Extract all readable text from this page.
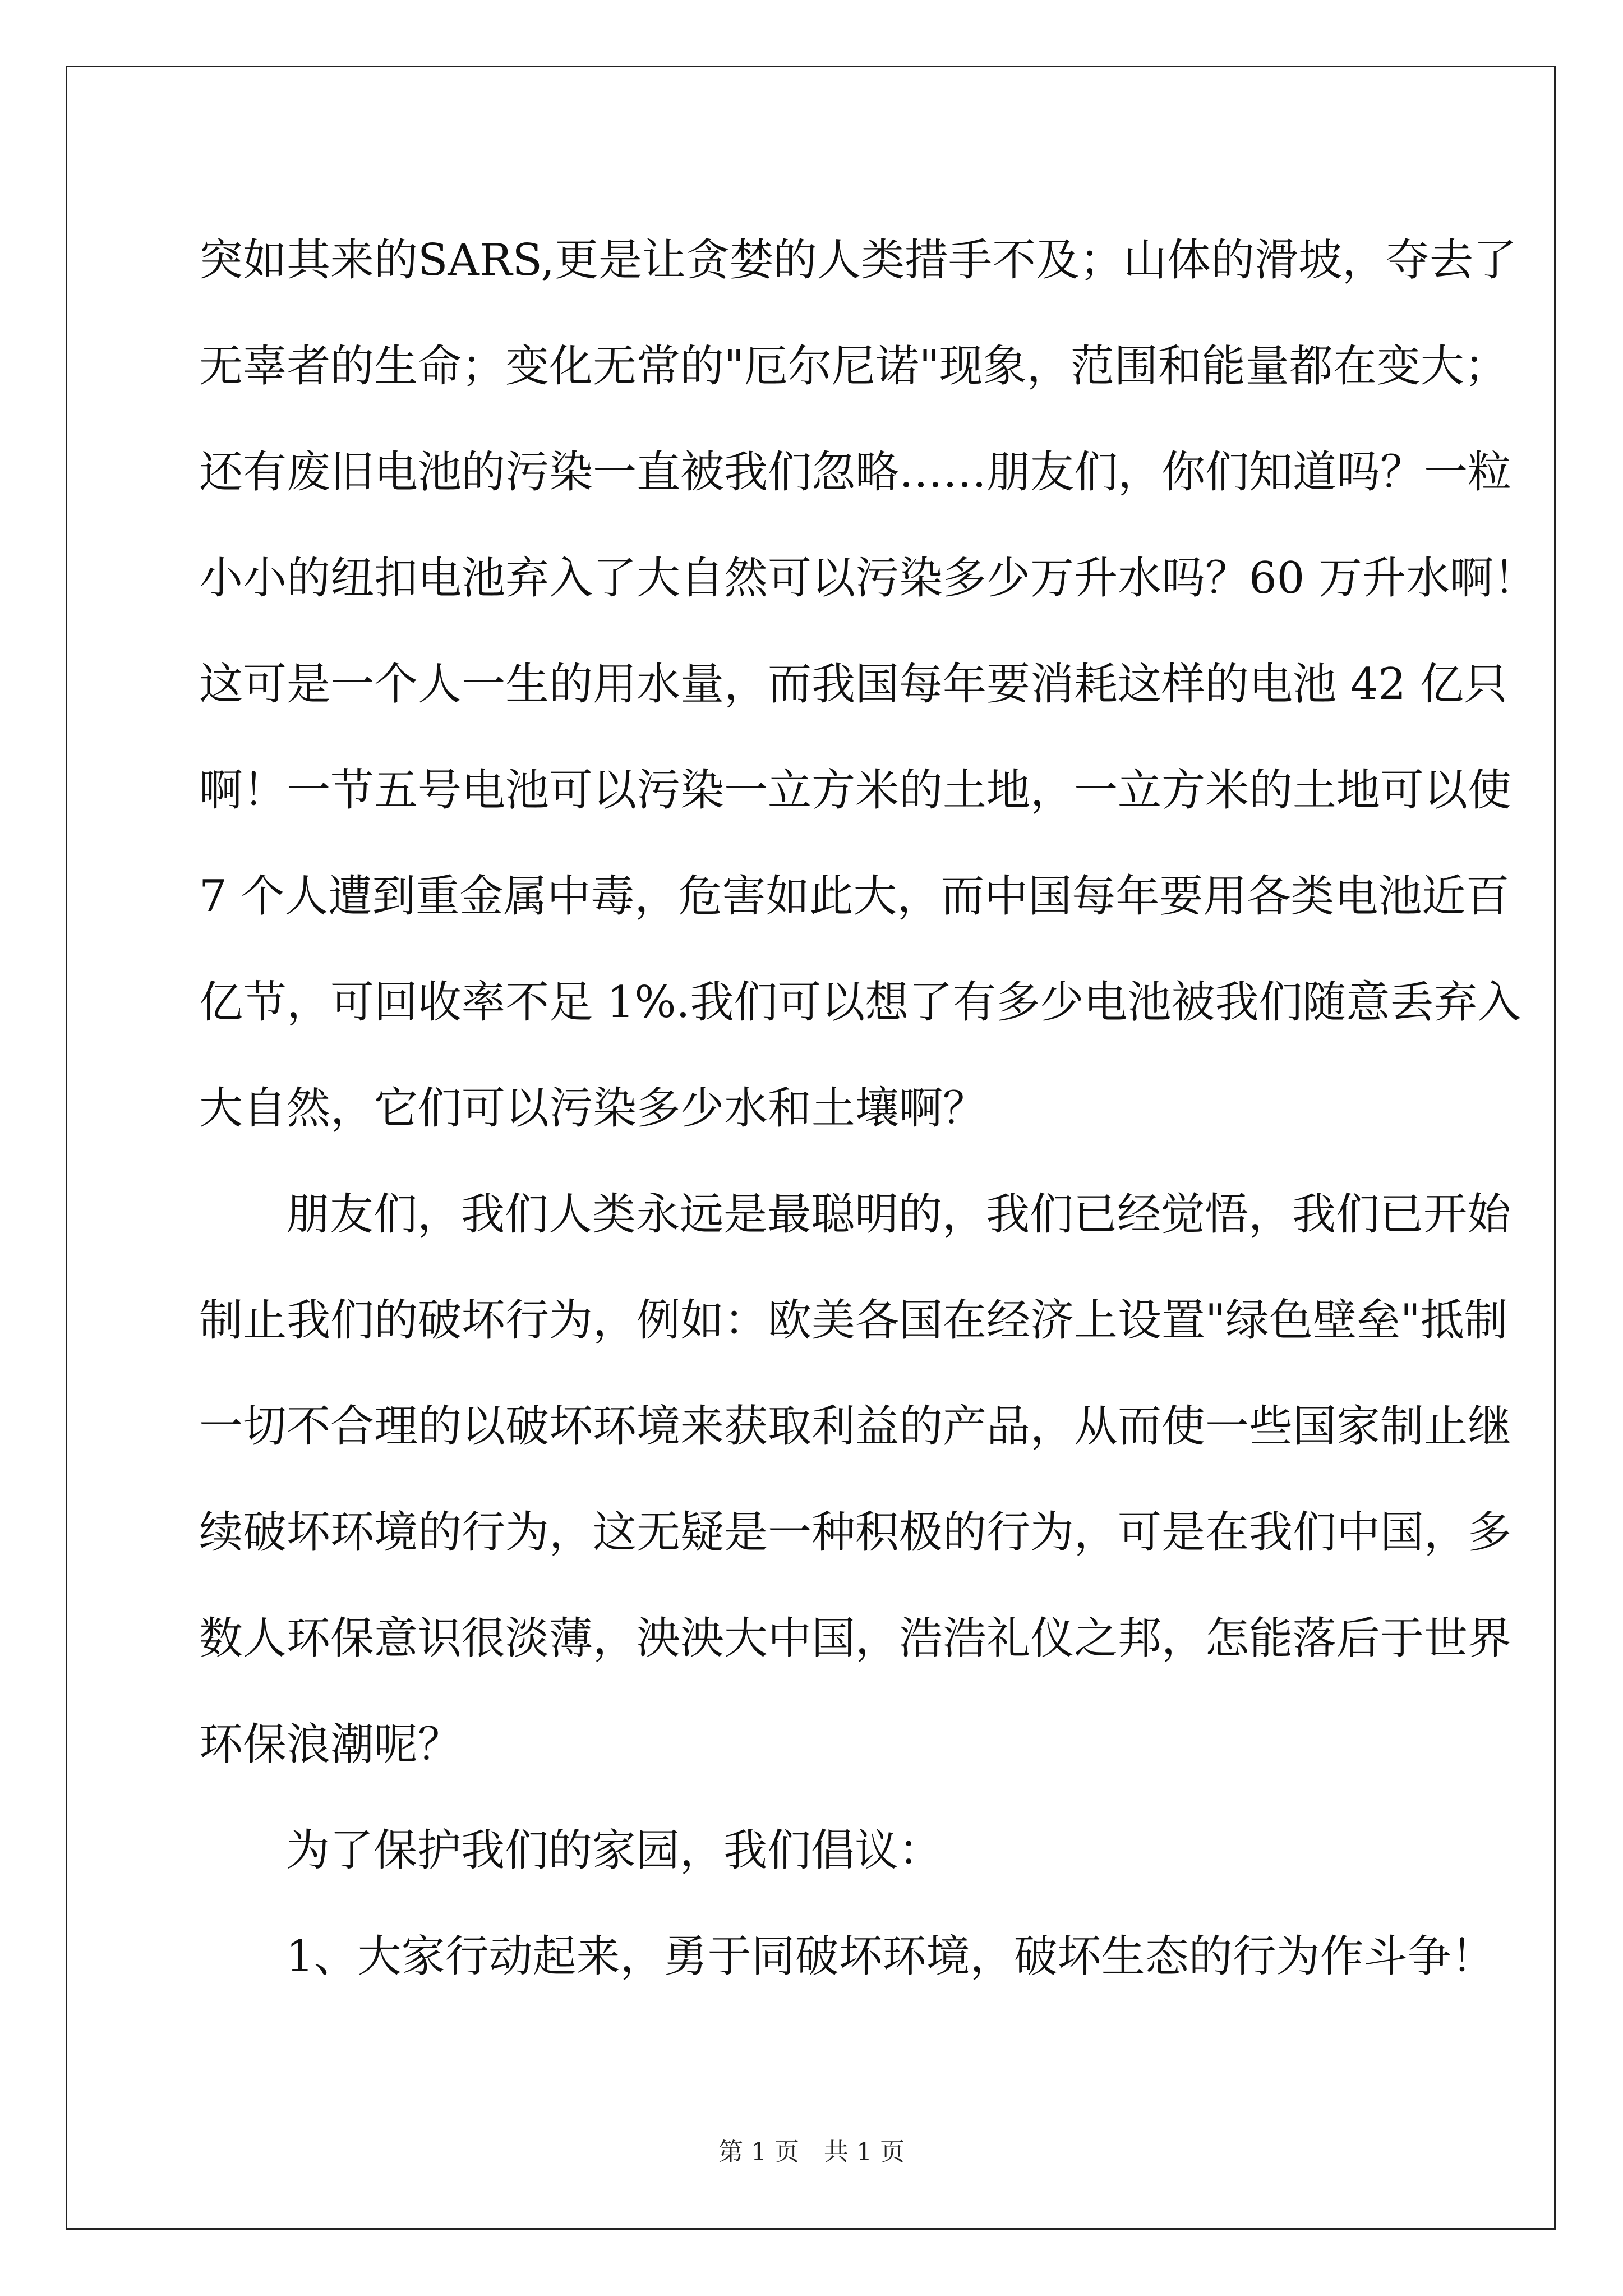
突如其来的SARS,更是让贪婪的人类措手不及；山体的滑坡，夺去了
无辜者的生命；变化无常的"厄尔尼诺"现象，范围和能量都在变大；
还有废旧电池的污染一直被我们忽略……朋友们，你们知道吗？一粒
小小的纽扣电池弃入了大自然可以污染多少万升水吗？60 万升水啊！
这可是一个人一生的用水量，而我国每年要消耗这样的电池 42 亿只
啊！一节五号电池可以污染一立方米的土地，一立方米的土地可以使
7 个人遭到重金属中毒，危害如此大，而中国每年要用各类电池近百
亿节，可回收率不足 1%.我们可以想了有多少电池被我们随意丢弃入
大自然，它们可以污染多少水和土壤啊？
朋友们，我们人类永远是最聪明的，我们已经觉悟，我们已开始
制止我们的破坏行为，例如：欧美各国在经济上设置"绿色壁垒"抵制
一切不合理的以破坏环境来获取利益的产品，从而使一些国家制止继
续破坏环境的行为，这无疑是一种积极的行为，可是在我们中国，多
数人环保意识很淡薄，泱泱大中国，浩浩礼仪之邦，怎能落后于世界
环保浪潮呢？
为了保护我们的家园，我们倡议：
1、大家行动起来，勇于同破坏环境，破坏生态的行为作斗争！
第 1 页　共 1 页
